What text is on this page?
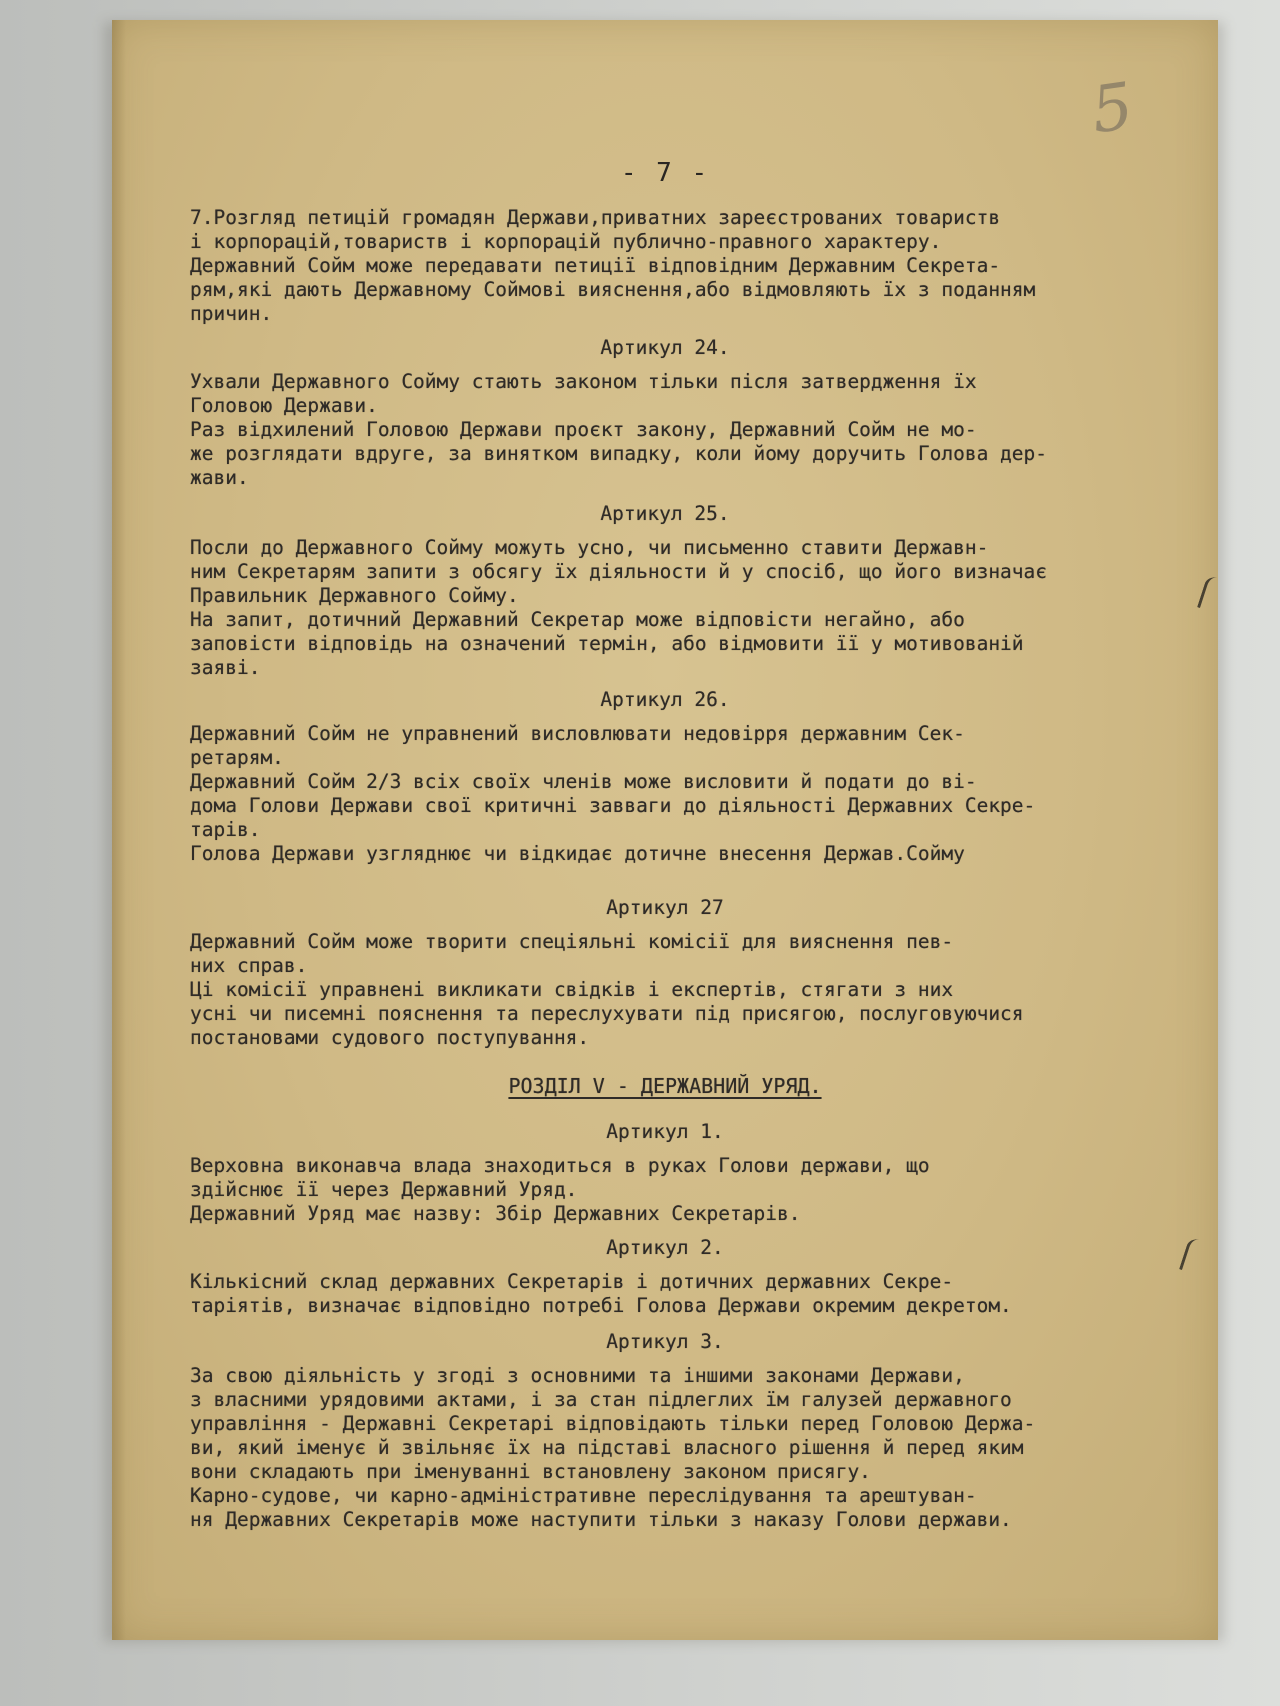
5
- 7 -
7.Розгляд петицій громадян Держави,приватних зареєстрованих товариств
і корпорацій,товариств і корпорацій публично-правного характеру.
Державний Сойм може передавати петиції відповідним Державним Секрета-
рям,які дають Державному Соймові вияснення,або відмовляють їх з поданням
причин.
Артикул 24.
Ухвали Державного Сойму стають законом тільки після затвердження їх
Головою Держави.
Раз відхилений Головою Держави проєкт закону, Державний Сойм не мо-
же розглядати вдруге, за винятком випадку, коли йому доручить Голова дер-
жави.
Артикул 25.
Посли до Державного Сойму можуть усно, чи письменно ставити Державн-
ним Секретарям запити з обсягу їх діяльности й у спосіб, що його визначає
Правильник Державного Сойму.
На запит, дотичний Державний Секретар може відповісти негайно, або
заповісти відповідь на означений термін, або відмовити її у мотивованій
заяві.
Артикул 26.
Державний Сойм не управнений висловлювати недовірря державним Сек-
ретарям.
Державний Сойм 2/3 всіх своїх членів може висловити й подати до ві-
дома Голови Держави свої критичні завваги до діяльності Державних Секре-
тарів.
Голова Держави узгляднює чи відкидає дотичне внесення Держав.Сойму
Артикул 27
Державний Сойм може творити спеціяльні комісії для вияснення пев-
них справ.
Ці комісії управнені викликати свідків і експертів, стягати з них
усні чи писемні пояснення та переслухувати під присягою, послуговуючися
постановами судового поступування.
РОЗДІЛ V - ДЕРЖАВНИЙ УРЯД.
Артикул 1.
Верховна виконавча влада знаходиться в руках Голови держави, що
здійснює її через Державний Уряд.
Державний Уряд має назву: Збір Державних Секретарів.
Артикул 2.
Кількісний склад державних Секретарів і дотичних державних Секре-
таріятів, визначає відповідно потребі Голова Держави окремим декретом.
Артикул 3.
За свою діяльність у згоді з основними та іншими законами Держави,
з власними урядовими актами, і за стан підлеглих їм галузей державного
управління - Державні Секретарі відповідають тільки перед Головою Держа-
ви, який іменує й звільняє їх на підставі власного рішення й перед яким
вони складають при іменуванні встановлену законом присягу.
Карно-судове, чи карно-адміністративне переслідування та арештуван-
ня Державних Секретарів може наступити тільки з наказу Голови держави.
